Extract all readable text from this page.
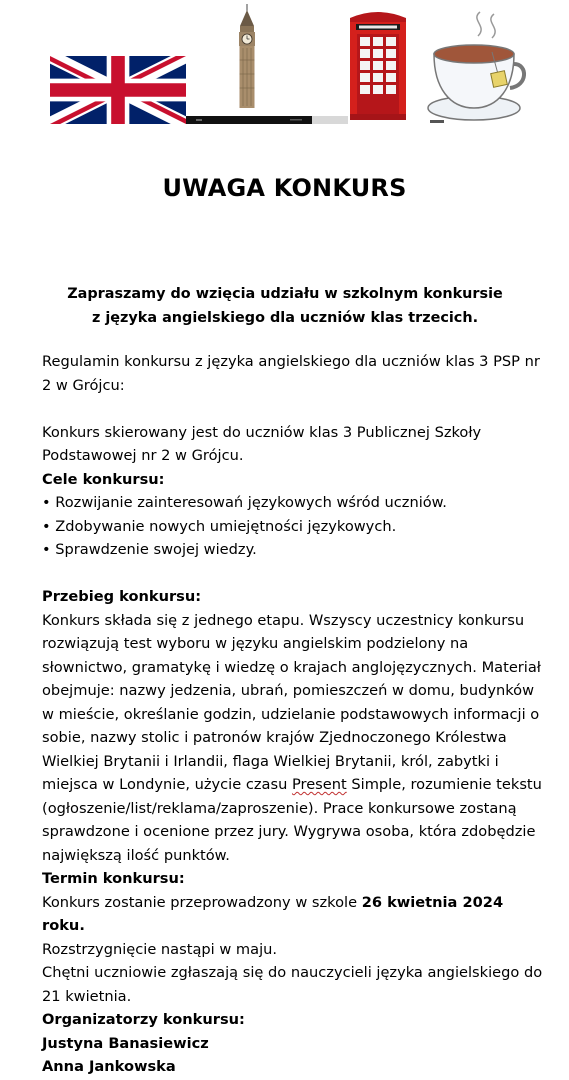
UWAGA KONKURS
Zapraszamy do wzięcia udziału w szkolnym konkursie
z języka angielskiego dla uczniów klas trzecich.

Regulamin konkursu z języka angielskiego dla uczniów klas 3 PSP nr 2 w Grójcu:

Konkurs skierowany jest do uczniów klas 3 Publicznej Szkoły Podstawowej nr 2 w Grójcu.

Cele konkursu:

• Rozwijanie zainteresowań językowych wśród uczniów.

• Zdobywanie nowych umiejętności językowych.

• Sprawdzenie swojej wiedzy.

Przebieg konkursu:

Konkurs składa się z jednego etapu. Wszyscy uczestnicy konkursu rozwiązują test wyboru w języku angielskim podzielony na słownictwo, gramatykę i wiedzę o krajach anglojęzycznych. Materiał obejmuje: nazwy jedzenia, ubrań, pomieszczeń w domu, budynków w mieście, określanie godzin, udzielanie podstawowych informacji o sobie, nazwy stolic i patronów krajów Zjednoczonego Królestwa Wielkiej Brytanii i Irlandii, flaga Wielkiej Brytanii, król, zabytki i miejsca w Londynie, użycie czasu Present Simple, rozumienie tekstu (ogłoszenie/list/reklama/zaproszenie). Prace konkursowe zostaną sprawdzone i ocenione przez jury. Wygrywa osoba, która zdobędzie największą ilość punktów.

Termin konkursu:

Konkurs zostanie przeprowadzony w szkole 26 kwietnia 2024 roku.

Rozstrzygnięcie nastąpi w maju.

Chętni uczniowie zgłaszają się do nauczycieli języka angielskiego do 21 kwietnia.

Organizatorzy konkursu:

Justyna Banasiewicz

Anna Jankowska
